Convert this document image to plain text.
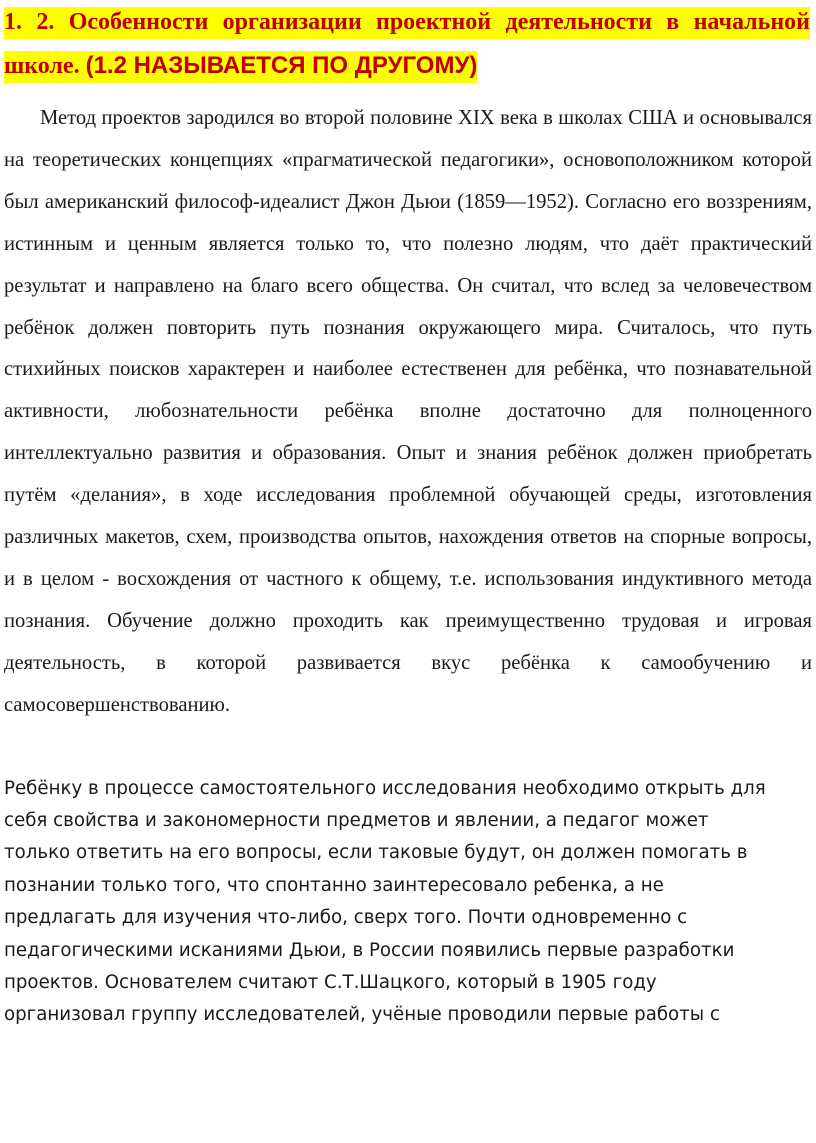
1. 2. Особенности организации проектной деятельности в начальной школе. (1.2 НАЗЫВАЕТСЯ ПО ДРУГОМУ)

Метод проектов зародился во второй половине XIX века в школах США и основывался на теоретических концепциях «прагматической педагогики», основоположником которой был американский философ-идеалист Джон Дьюи (1859—1952). Согласно его воззрениям, истинным и ценным является только то, что полезно людям, что даёт практический результат и направлено на благо всего общества. Он считал, что вслед за человечеством ребёнок должен повторить путь познания окружающего мира. Считалось, что путь стихийных поисков характерен и наиболее естественен для ребёнка, что познавательной активности, любознательности ребёнка вполне достаточно для полноценного интеллектуально развития и образования. Опыт и знания ребёнок должен приобретать путём «делания», в ходе исследования проблемной обучающей среды, изготовления различных макетов, схем, производства опытов, нахождения ответов на спорные вопросы, и в целом - восхождения от частного к общему, т.е. использования индуктивного метода познания. Обучение должно проходить как преимущественно трудовая и игровая деятельность, в которой развивается вкус ребёнка к самообучению и самосовершенствованию.

Ребёнку в процессе самостоятельного исследования необходимо открыть для себя свойства и закономерности предметов и явлении, а педагог может только ответить на его вопросы, если таковые будут, он должен помогать в познании только того, что спонтанно заинтересовало ребенка, а не предлагать для изучения что-либо, сверх того. Почти одновременно с педагогическими исканиями Дьюи, в России появились первые разработки проектов. Основателем считают С.Т.Шацкого, который в 1905 году организовал группу исследователей, учёные проводили первые работы с
